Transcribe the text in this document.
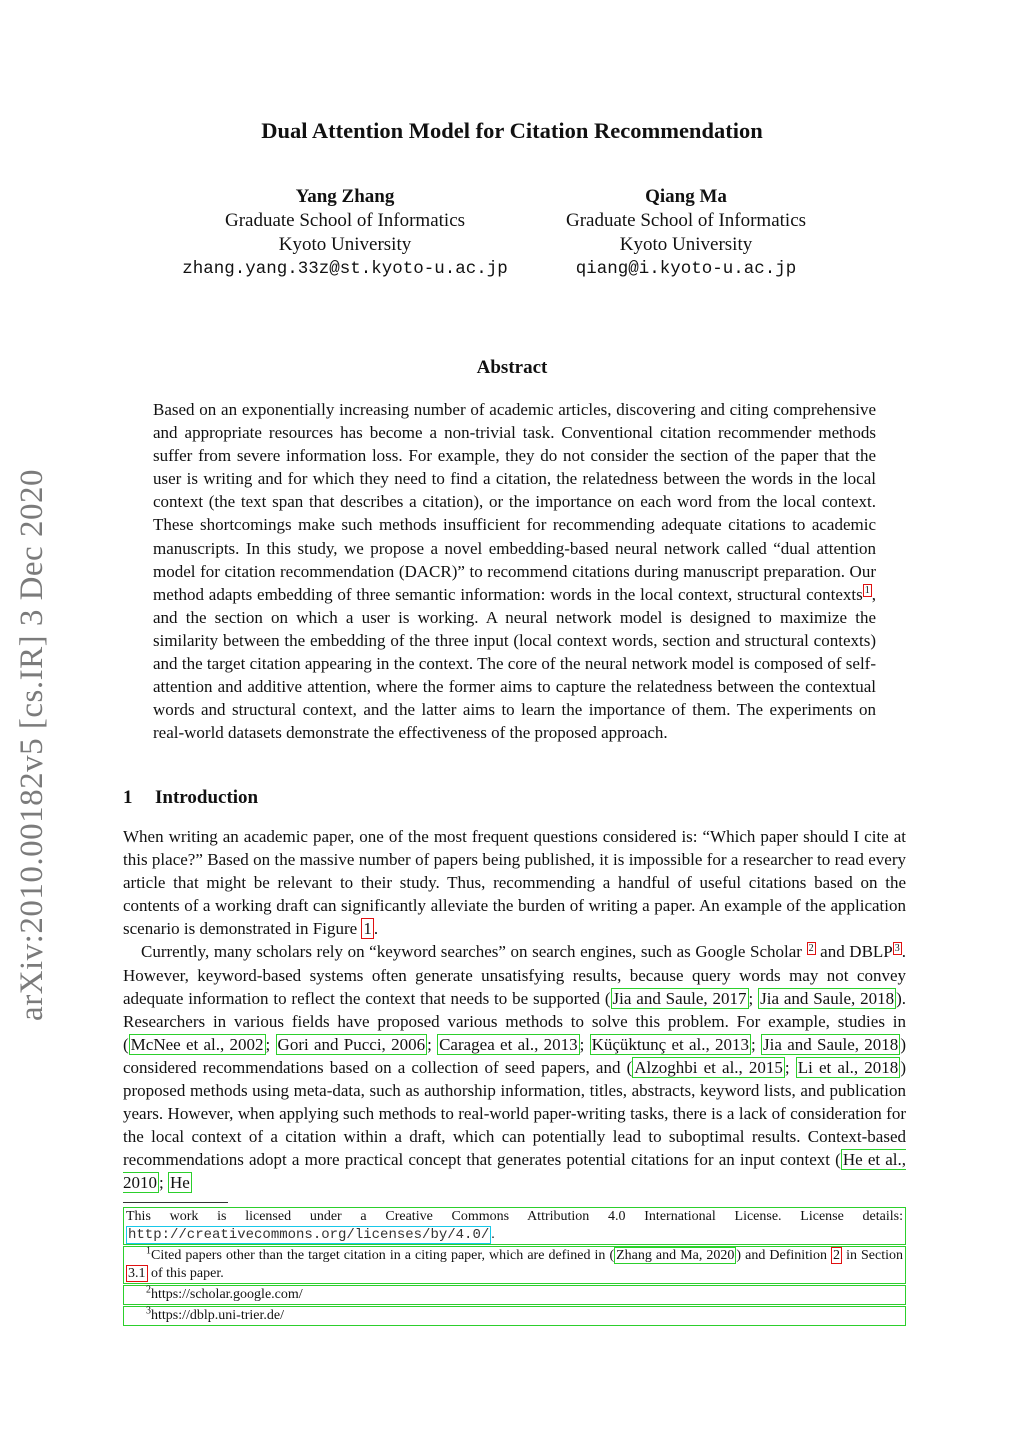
arXiv:2010.00182v5 [cs.IR] 3 Dec 2020
Dual Attention Model for Citation Recommendation
Yang Zhang
Graduate School of Informatics
Kyoto University
zhang.yang.33z@st.kyoto-u.ac.jp
Qiang Ma
Graduate School of Informatics
Kyoto University
qiang@i.kyoto-u.ac.jp
Abstract

Based on an exponentially increasing number of academic articles, discovering and citing comprehensive and appropriate resources has become a non-trivial task. Conventional citation recommender methods suffer from severe information loss. For example, they do not consider the section of the paper that the user is writing and for which they need to find a citation, the relatedness between the words in the local context (the text span that describes a citation), or the importance on each word from the local context. These shortcomings make such methods insufficient for recommending adequate citations to academic manuscripts. In this study, we propose a novel embedding-based neural network called “dual attention model for citation recommendation (DACR)” to recommend citations during manuscript preparation. Our method adapts embedding of three semantic information: words in the local context, structural contexts $^1$ , and the section on which a user is working. A neural network model is designed to maximize the similarity between the embedding of the three input (local context words, section and structural contexts) and the target citation appearing in the context. The core of the neural network model is composed of self-attention and additive attention, where the former aims to capture the relatedness between the contextual words and structural context, and the latter aims to learn the importance of them. The experiments on real-world datasets demonstrate the effectiveness of the proposed approach.

1 Introduction

When writing an academic paper, one of the most frequent questions considered is: “Which paper should I cite at this place?” Based on the massive number of papers being published, it is impossible for a researcher to read every article that might be relevant to their study. Thus, recommending a handful of useful citations based on the contents of a working draft can significantly alleviate the burden of writing a paper. An example of the application scenario is demonstrated in Figure 1 .

Currently, many scholars rely on “keyword searches” on search engines, such as Google Scholar $^2$ and DBLP $^3$ . However, keyword-based systems often generate unsatisfying results, because query words may not convey adequate information to reflect the context that needs to be supported ( Jia and Saule, 2017 ; Jia and Saule, 2018 ). Researchers in various fields have proposed various methods to solve this problem. For example, studies in ( McNee et al., 2002 ; Gori and Pucci, 2006 ; Caragea et al., 2013 ; Küçüktunç et al., 2013 ; Jia and Saule, 2018 ) considered recommendations based on a collection of seed papers, and ( Alzoghbi et al., 2015 ; Li et al., 2018 ) proposed methods using meta-data, such as authorship information, titles, abstracts, keyword lists, and publication years. However, when applying such methods to real-world paper-writing tasks, there is a lack of consideration for the local context of a citation within a draft, which can potentially lead to suboptimal results. Context-based recommendations adopt a more practical concept that generates potential citations for an input context ( He et al., 2010 ; He

This work is licensed under a Creative Commons Attribution 4.0 International License. License details: http://creativecommons.org/licenses/by/4.0/ .
$^1$Cited papers other than the target citation in a citing paper, which are defined in ( Zhang and Ma, 2020 ) and Definition 2 in Section 3.1 of this paper.
$^2$https://scholar.google.com/
$^3$https://dblp.uni-trier.de/
